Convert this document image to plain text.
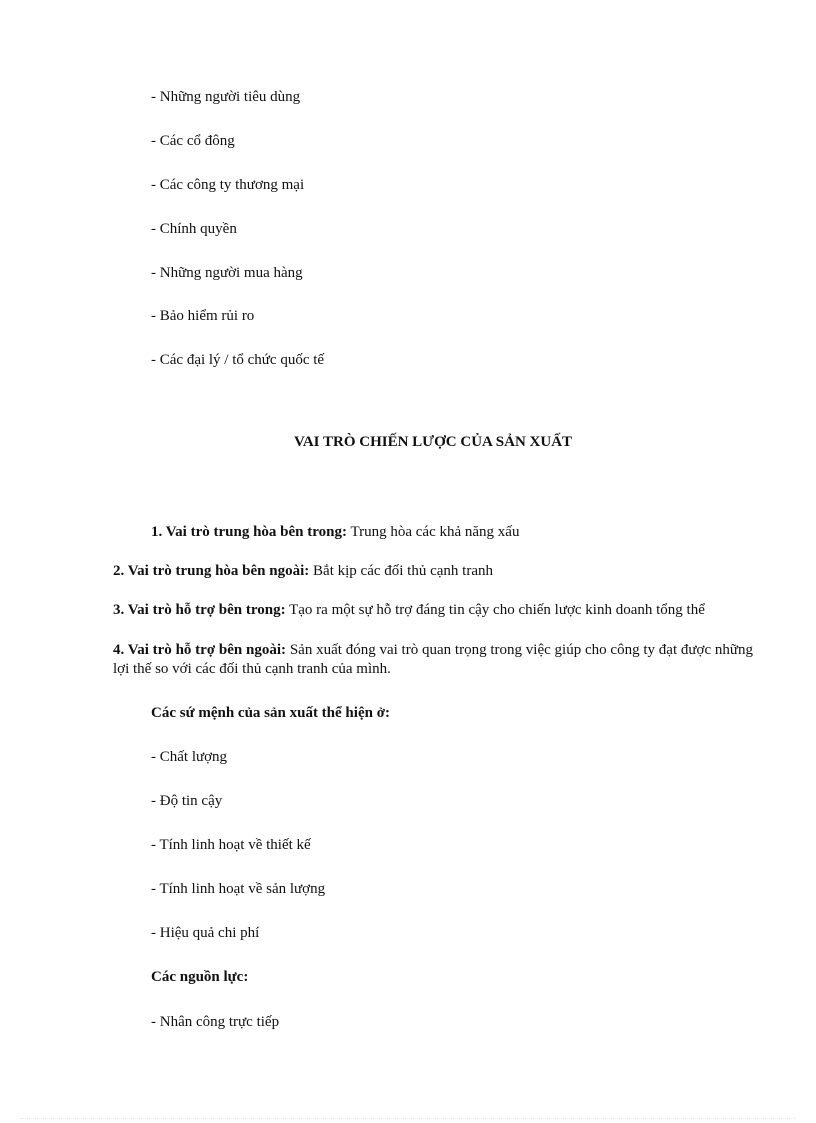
- Những người tiêu dùng
- Các cổ đông
- Các công ty thương mại
- Chính quyền
- Những người mua hàng
- Bảo hiểm rủi ro
- Các đại lý / tổ chức quốc tế
VAI TRÒ CHIẾN LƯỢC CỦA SẢN XUẤT
1. Vai trò trung hòa bên trong: Trung hòa các khả năng xấu
2. Vai trò trung hòa bên ngoài: Bắt kịp các đối thủ cạnh tranh
3. Vai trò hỗ trợ bên trong: Tạo ra một sự hỗ trợ đáng tin cậy cho chiến lược kinh doanh tổng thể
4. Vai trò hỗ trợ bên ngoài: Sản xuất đóng vai trò quan trọng trong việc giúp cho công ty đạt được những lợi thế so với các đối thủ cạnh tranh của mình.
Các sứ mệnh của sản xuất thể hiện ở:
- Chất lượng
- Độ tin cậy
- Tính linh hoạt về thiết kế
- Tính linh hoạt về sản lượng
- Hiệu quả chi phí
Các nguồn lực:
- Nhân công trực tiếp
